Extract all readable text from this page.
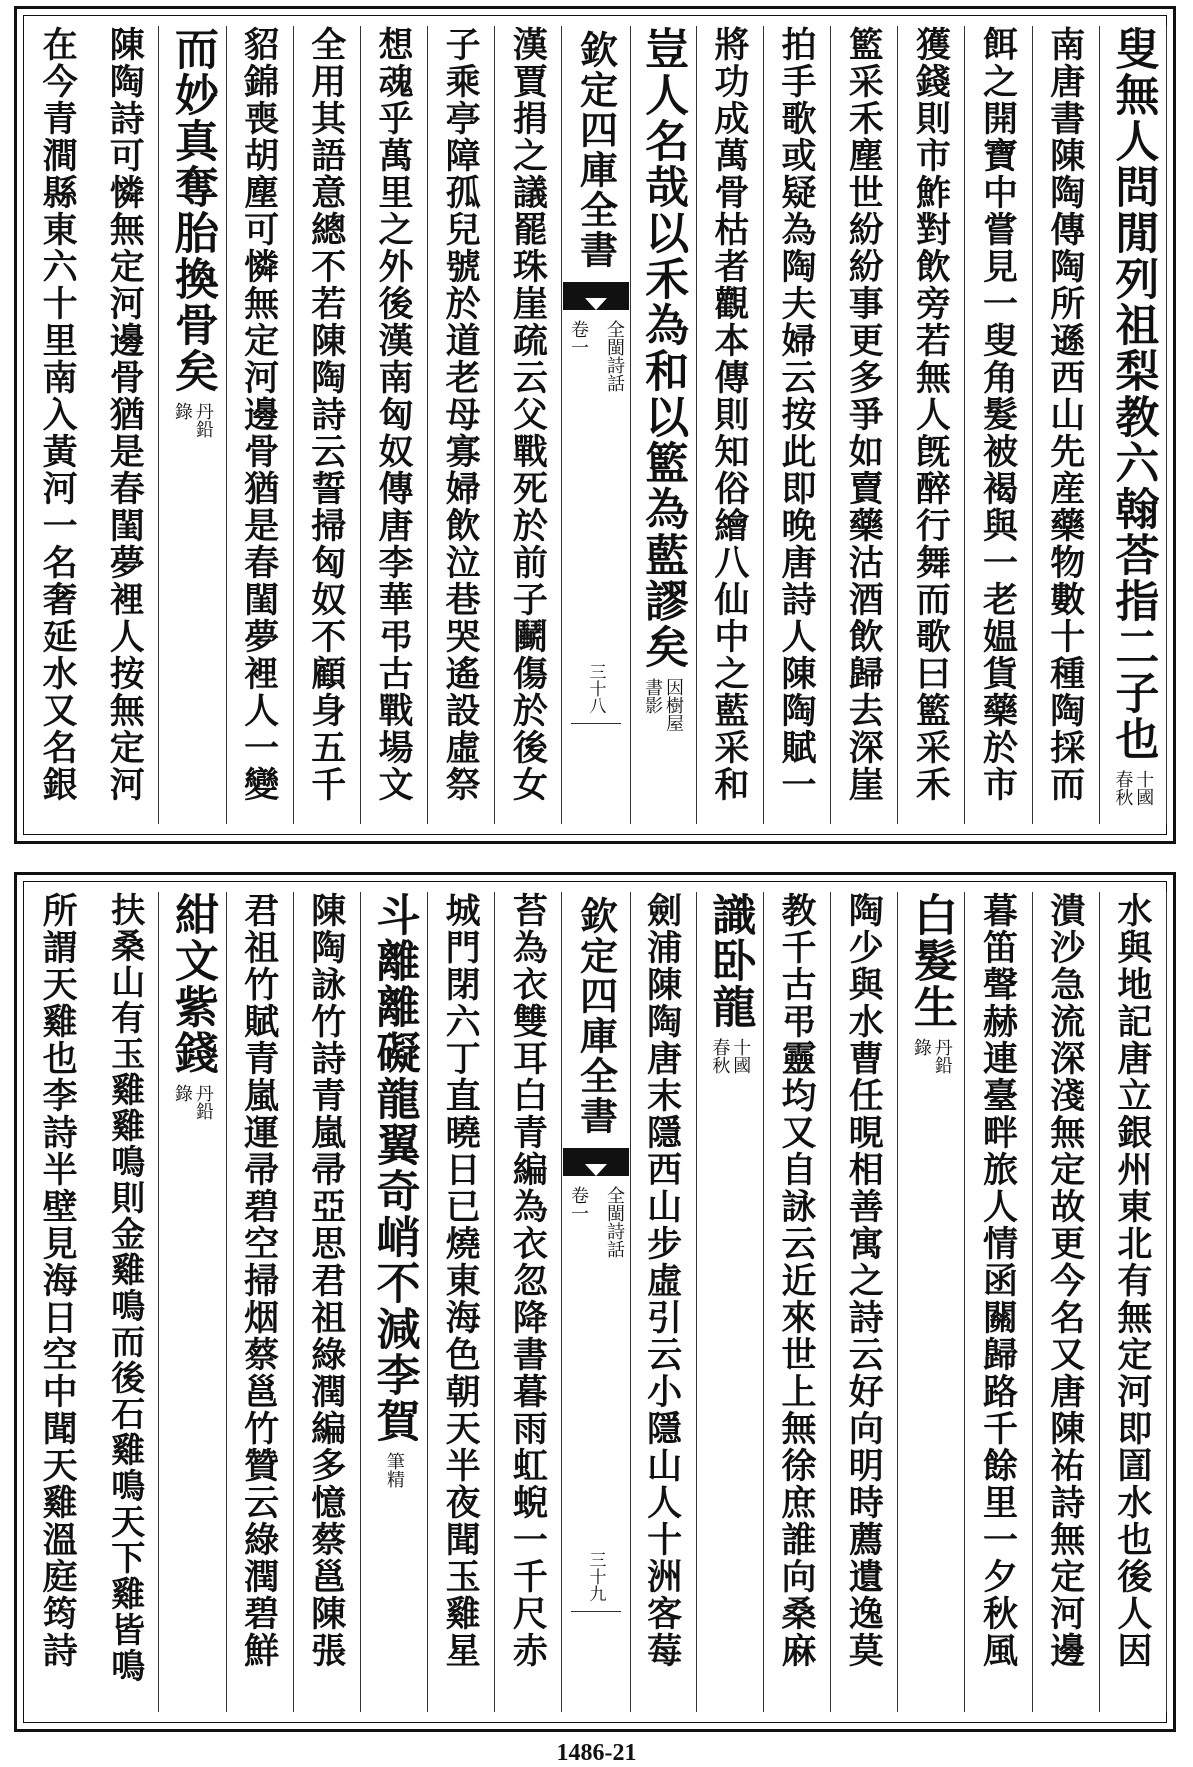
叟無人問閒列祖梨教六翰荅指二子也
十國
春秋
南唐書陳陶傳陶所遜西山先産藥物數十種陶採而
餌之開寶中嘗見一叟角髮被褐與一老媪貨藥於市
獲錢則市鮓對飲旁若無人旣醉行舞而歌曰籃采禾
籃采禾塵世紛紛事更多爭如賣藥沽酒飲歸去深崖
拍手歌或疑為陶夫婦云按此即晚唐詩人陳陶賦一
將功成萬骨枯者觀本傳則知俗繪八仙中之藍采和
豈人名哉以禾為和以籃為藍謬矣
因樹屋
書影
欽定四庫全書
全閩詩話
卷一
三十八
漢賈捐之議罷珠崖疏云父戰死於前子鬭傷於後女
子乘亭障孤兒號於道老母寡婦飲泣巷哭遙設虛祭
想魂乎萬里之外後漢南匈奴傳唐李華弔古戰場文
全用其語意總不若陳陶詩云誓掃匈奴不顧身五千
貂錦喪胡塵可憐無定河邊骨猶是春閨夢裡人一變
而妙真奪胎換骨矣
丹鉛
錄
陳陶詩可憐無定河邊骨猶是春閨夢裡人按無定河
在今青澗縣東六十里南入黃河一名奢延水又名銀
水與地記唐立銀州東北有無定河即圁水也後人因
潰沙急流深淺無定故更今名又唐陳祐詩無定河邊
暮笛聲赫連臺畔旅人情函關歸路千餘里一夕秋風
白髮生
丹鉛
錄
陶少與水曹任晛相善寓之詩云好向明時薦遺逸莫
教千古弔靈均又自詠云近來世上無徐庶誰向桑麻
識卧龍
十國
春秋
劍浦陳陶唐末隱西山步虛引云小隱山人十洲客莓
欽定四庫全書
全閩詩話
卷一
三十九
苔為衣雙耳白青編為衣忽降書暮雨虹蜺一千尺赤
城門閉六丁直曉日已燒東海色朝天半夜聞玉雞星
斗離離礙龍翼奇峭不減李賀
筆精
陳陶詠竹詩青嵐帚亞思君祖綠潤編多憶蔡邕陳張
君祖竹賦青嵐運帚碧空掃烟蔡邕竹贊云綠潤碧鮮
紺文紫錢
丹鉛
錄
扶桑山有玉雞雞鳴則金雞鳴而後石雞鳴天下雞皆鳴
所謂天雞也李詩半壁見海日空中聞天雞溫庭筠詩
1486-21
